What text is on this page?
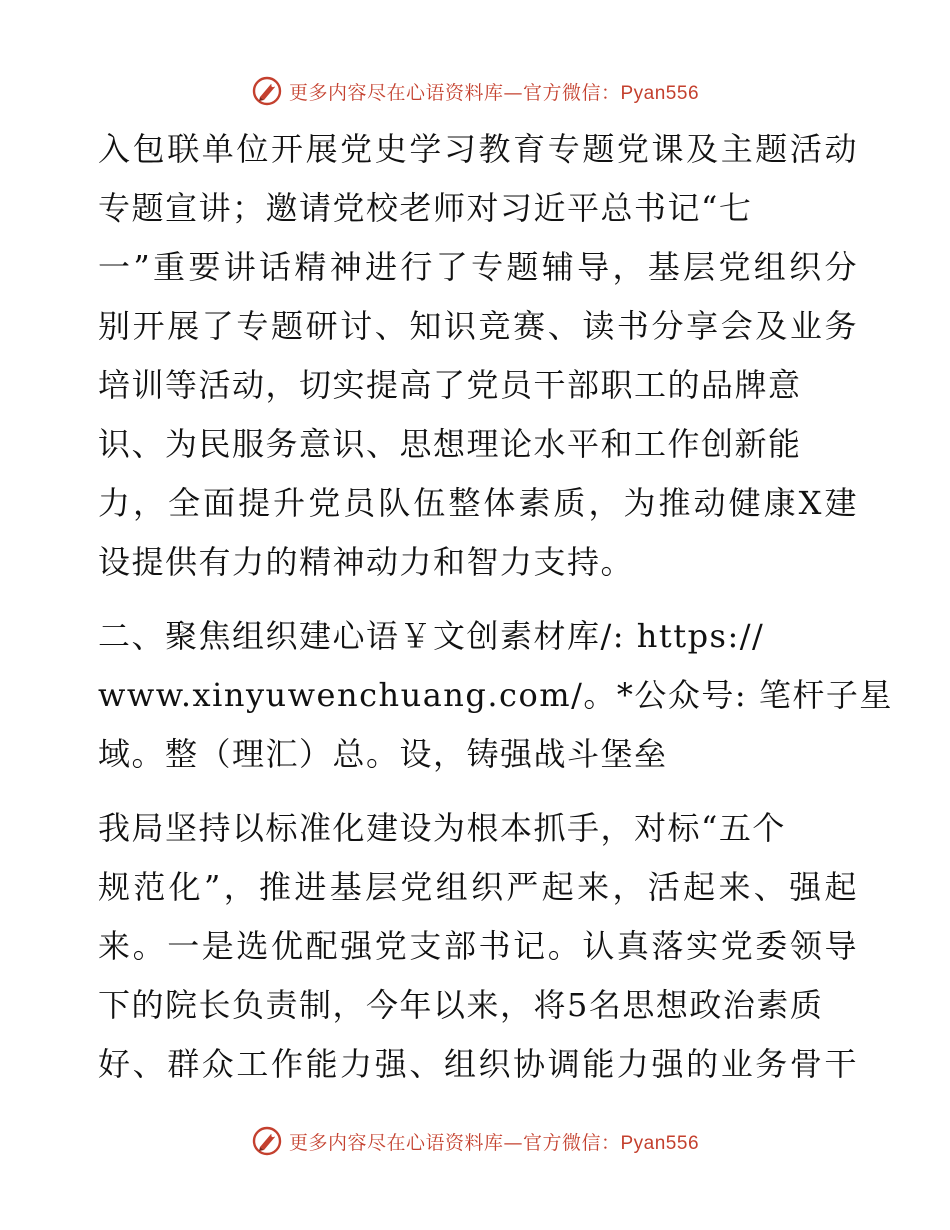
更多内容尽在心语资料库—官方微信：Pyan556
入包联单位开展党史学习教育专题党课及主题活动
专题宣讲；邀请党校老师对习近平总书记“七
一”重要讲话精神进行了专题辅导，基层党组织分
别开展了专题研讨、知识竞赛、读书分享会及业务
培训等活动，切实提高了党员干部职工的品牌意
识、为民服务意识、思想理论水平和工作创新能
力，全面提升党员队伍整体素质，为推动健康X建
设提供有力的精神动力和智力支持。
二、聚焦组织建心语￥文创素材库/: https://
www.xinyuwenchuang.com/。*公众号: 笔杆子星
域。整（理汇）总。设，铸强战斗堡垒
我局坚持以标准化建设为根本抓手，对标“五个
规范化”，推进基层党组织严起来，活起来、强起
来。一是选优配强党支部书记。认真落实党委领导
下的院长负责制，今年以来，将5名思想政治素质
好、群众工作能力强、组织协调能力强的业务骨干
更多内容尽在心语资料库—官方微信：Pyan556
